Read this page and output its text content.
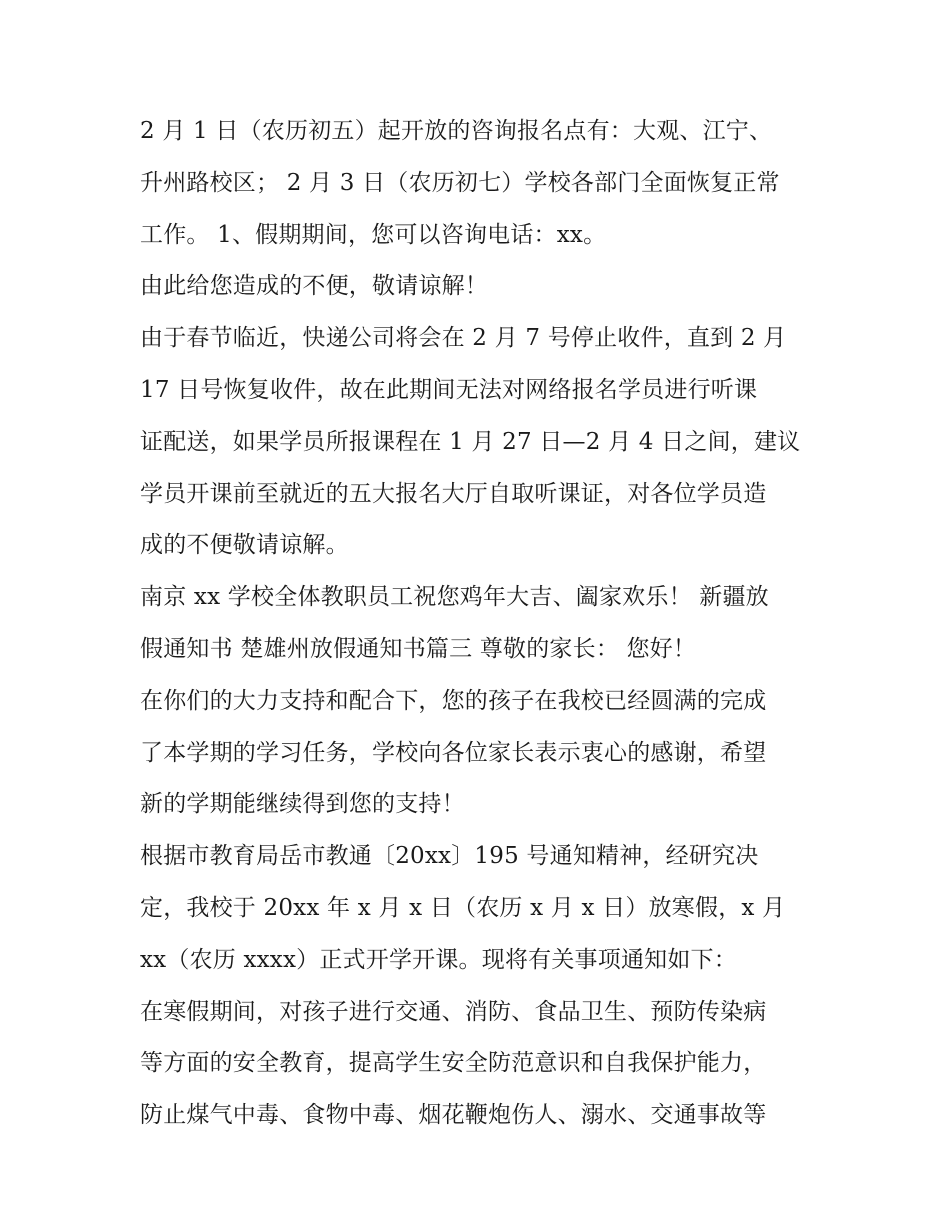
2 月 1 日（农历初五）起开放的咨询报名点有：大观、江宁、
升州路校区； 2 月 3 日（农历初七）学校各部门全面恢复正常
工作。 1、假期期间，您可以咨询电话：xx。
由此给您造成的不便，敬请谅解！
由于春节临近，快递公司将会在 2 月 7 号停止收件，直到 2 月
17 日号恢复收件，故在此期间无法对网络报名学员进行听课
证配送，如果学员所报课程在 1 月 27 日—2 月 4 日之间，建议
学员开课前至就近的五大报名大厅自取听课证，对各位学员造
成的不便敬请谅解。
南京 xx 学校全体教职员工祝您鸡年大吉、阖家欢乐！ 新疆放
假通知书 楚雄州放假通知书篇三 尊敬的家长： 您好！
在你们的大力支持和配合下，您的孩子在我校已经圆满的完成
了本学期的学习任务，学校向各位家长表示衷心的感谢，希望
新的学期能继续得到您的支持！
根据市教育局岳市教通〔20xx〕195 号通知精神，经研究决
定，我校于 20xx 年 x 月 x 日（农历 x 月 x 日）放寒假，x 月
xx（农历 xxxx）正式开学开课。现将有关事项通知如下：
在寒假期间，对孩子进行交通、消防、食品卫生、预防传染病
等方面的安全教育，提高学生安全防范意识和自我保护能力，
防止煤气中毒、食物中毒、烟花鞭炮伤人、溺水、交通事故等
